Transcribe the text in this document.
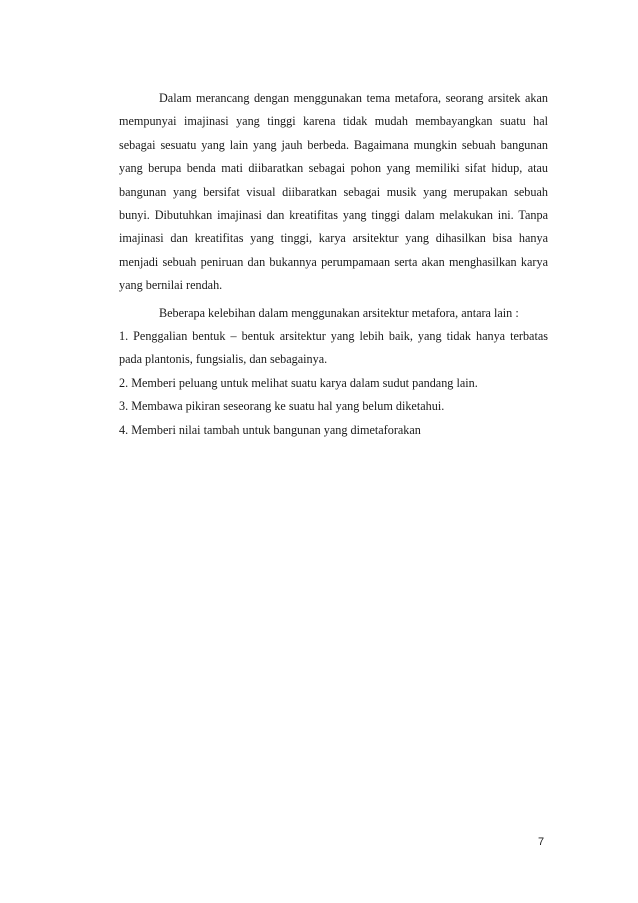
Dalam merancang dengan menggunakan tema metafora, seorang arsitek akan mempunyai imajinasi yang tinggi karena tidak mudah membayangkan suatu hal sebagai sesuatu yang lain yang jauh berbeda. Bagaimana mungkin sebuah bangunan yang berupa benda mati diibaratkan sebagai pohon yang memiliki sifat hidup, atau bangunan yang bersifat visual diibaratkan sebagai musik yang merupakan sebuah bunyi. Dibutuhkan imajinasi dan kreatifitas yang tinggi dalam melakukan ini. Tanpa imajinasi dan kreatifitas yang tinggi, karya arsitektur yang dihasilkan bisa hanya menjadi sebuah peniruan dan bukannya perumpamaan serta akan menghasilkan karya yang bernilai rendah.

Beberapa kelebihan dalam menggunakan arsitektur metafora, antara lain :

1. Penggalian bentuk – bentuk arsitektur yang lebih baik, yang tidak hanya terbatas pada plantonis, fungsialis, dan sebagainya.
2. Memberi peluang untuk melihat suatu karya dalam sudut pandang lain.
3. Membawa pikiran seseorang ke suatu hal yang belum diketahui.
4. Memberi nilai tambah untuk bangunan yang dimetaforakan
7
